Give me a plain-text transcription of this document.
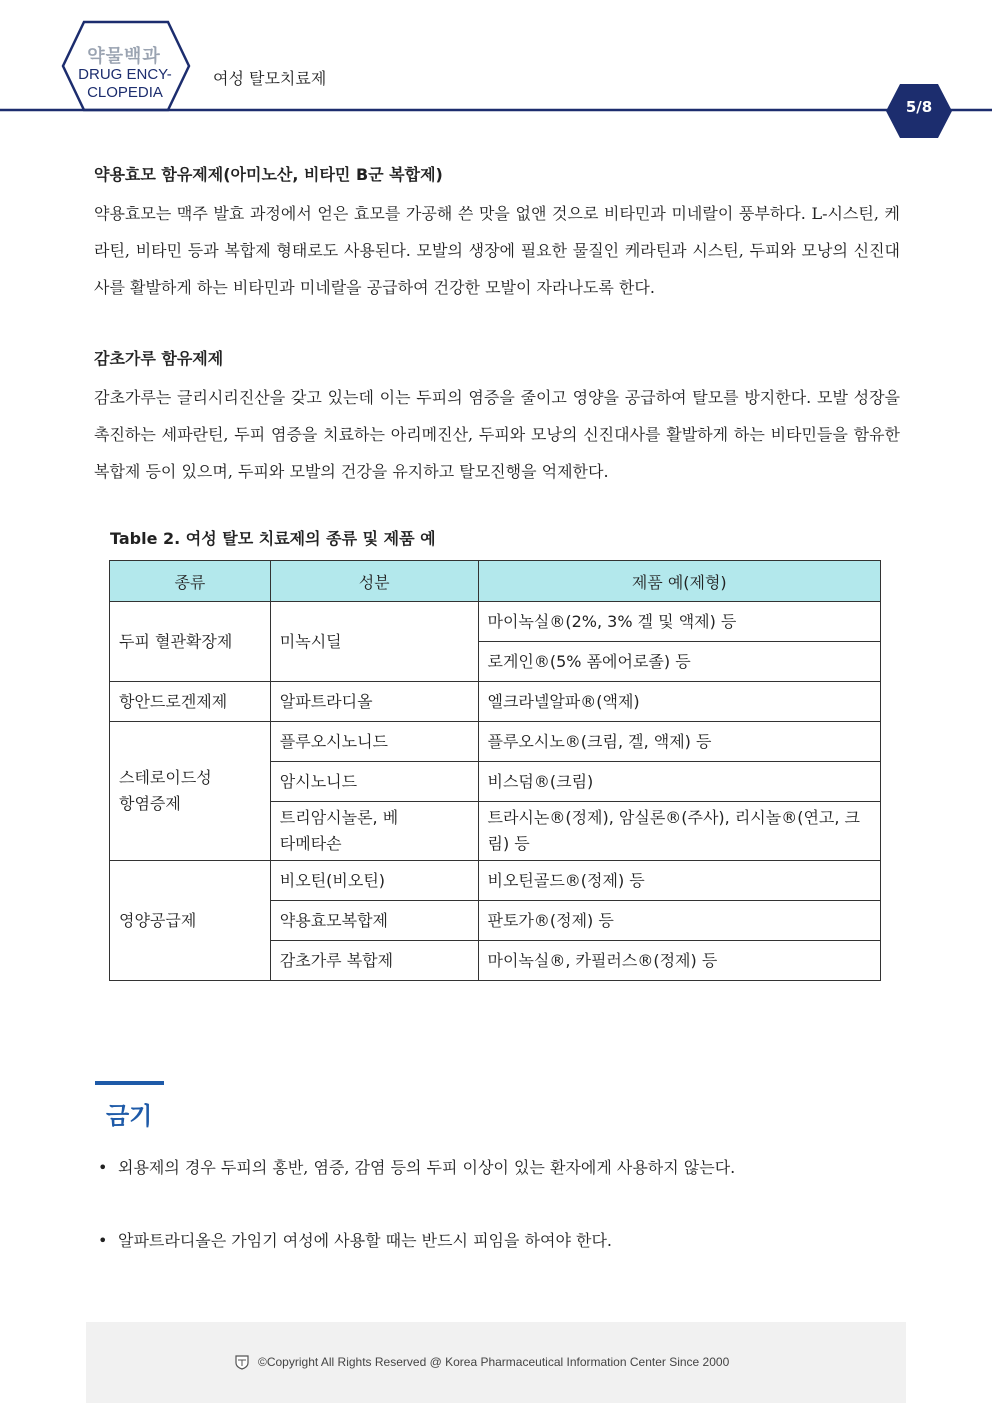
약물백과
DRUG ENCY-
CLOPEDIA
여성 탈모치료제
5/8

약용효모 함유제제(아미노산, 비타민 B군 복합제)

약용효모는 맥주 발효 과정에서 얻은 효모를 가공해 쓴 맛을 없앤 것으로 비타민과 미네랄이 풍부하다. L-시스틴, 케라틴, 비타민 등과 복합제 형태로도 사용된다. 모발의 생장에 필요한 물질인 케라틴과 시스틴, 두피와 모낭의 신진대사를 활발하게 하는 비타민과 미네랄을 공급하여 건강한 모발이 자라나도록 한다.

감초가루 함유제제

감초가루는 글리시리진산을 갖고 있는데 이는 두피의 염증을 줄이고 영양을 공급하여 탈모를 방지한다. 모발 성장을 촉진하는 세파란틴, 두피 염증을 치료하는 아리메진산, 두피와 모낭의 신진대사를 활발하게 하는 비타민들을 함유한 복합제 등이 있으며, 두피와 모발의 건강을 유지하고 탈모진행을 억제한다.

Table 2. 여성 탈모 치료제의 종류 및 제품 예
종류	성분	제품 예(제형)
두피 혈관확장제	미녹시딜	마이녹실®(2%, 3% 겔 및 액제) 등
		로게인®(5% 폼에어로졸) 등
항안드로겐제제	알파트라디올	엘크라넬알파®(액제)

스테로이드성 항염증제	플루오시노니드	플루오시노®(크림, 겔, 액제) 등
	암시노니드	비스덤®(크림)

	트리암시놀론, 베타메타손	트라시논®(정제), 암실론®(주사), 리시놀®(연고, 크림) 등
영양공급제	비오틴(비오틴)	비오틴골드®(정제) 등
	약용효모복합제	판토가®(정제) 등
	감초가루 복합제	마이녹실®, 카필러스®(정제) 등
금기
• 외용제의 경우 두피의 홍반, 염증, 감염 등의 두피 이상이 있는 환자에게 사용하지 않는다.
• 알파트라디올은 가임기 여성에 사용할 때는 반드시 피임을 하여야 한다.
©Copyright All Rights Reserved @ Korea Pharmaceutical Information Center Since 2000
